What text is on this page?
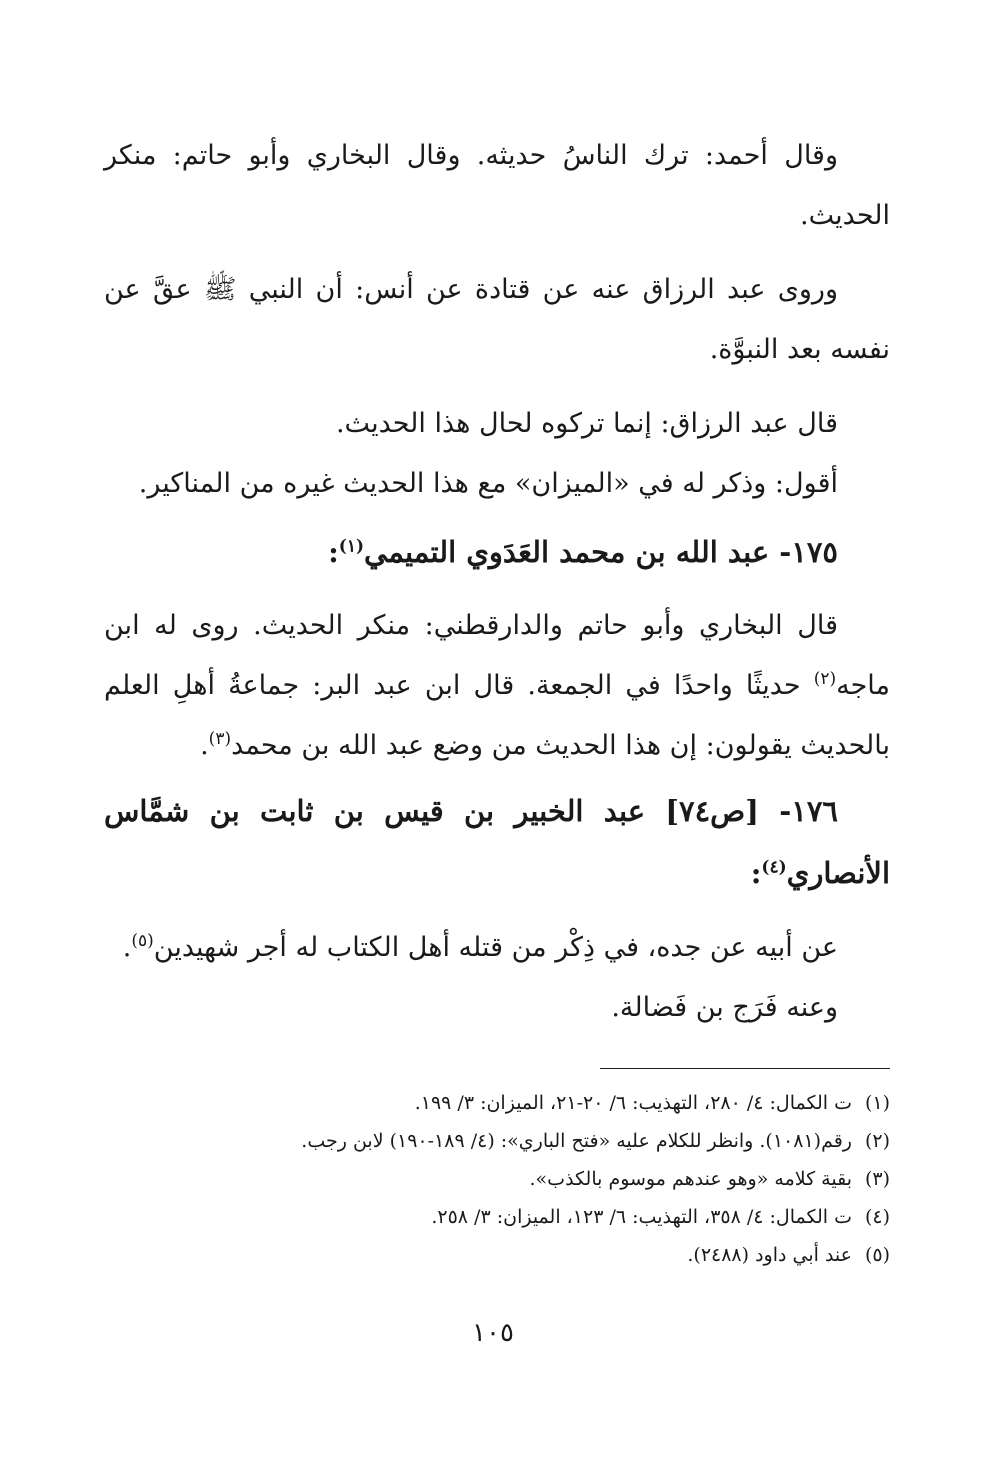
وقال أحمد: ترك الناسُ حديثه. وقال البخاري وأبو حاتم: منكر الحديث.

وروى عبد الرزاق عنه عن قتادة عن أنس: أن النبي ﷺ عقَّ عن نفسه بعد النبوَّة.

قال عبد الرزاق: إنما تركوه لحال هذا الحديث.

أقول: وذكر له في «الميزان» مع هذا الحديث غيره من المناكير.

١٧٥- عبد الله بن محمد العَدَوي التميمي$^{(١)}$:

قال البخاري وأبو حاتم والدارقطني: منكر الحديث. روى له ابن ماجه$^{(٢)}$ حديثًا واحدًا في الجمعة. قال ابن عبد البر: جماعةُ أهلِ العلم بالحديث يقولون: إن هذا الحديث من وضع عبد الله بن محمد$^{(٣)}$.

١٧٦- [ص٧٤] عبد الخبير بن قيس بن ثابت بن شمَّاس الأنصاري$^{(٤)}$:

عن أبيه عن جده، في ذِكْر من قتله أهل الكتاب له أجر شهيدين$^{(٥)}$.

وعنه فَرَج بن فَضالة.

(١)ت الكمال: ٤/ ٢٨٠، التهذيب: ٦/ ٢٠-٢١، الميزان: ٣/ ١٩٩.

(٢)رقم(١٠٨١). وانظر للكلام عليه «فتح الباري»: (٤/ ١٨٩-١٩٠) لابن رجب.

(٣)بقية كلامه «وهو عندهم موسوم بالكذب».

(٤)ت الكمال: ٤/ ٣٥٨، التهذيب: ٦/ ١٢٣، الميزان: ٣/ ٢٥٨.

(٥)عند أبي داود (٢٤٨٨).

١٠٥
